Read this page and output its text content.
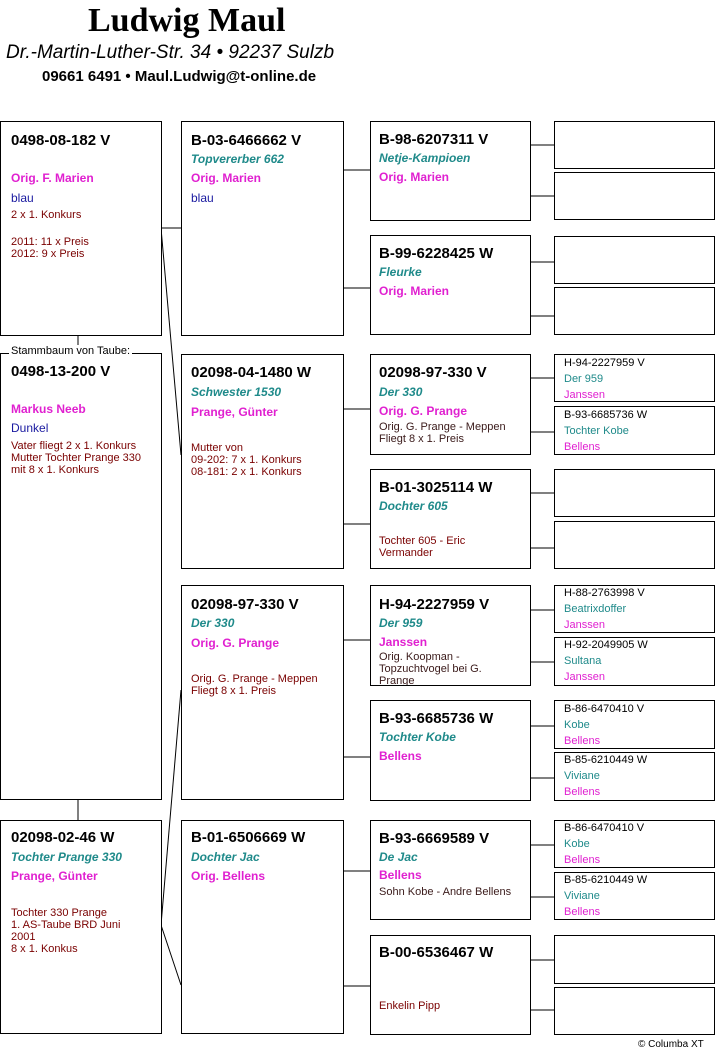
Ludwig Maul
Dr.-Martin-Luther-Str. 34 • 92237 Sulzb
09661 6491 • Maul.Ludwig@t-online.de
0498-08-182 V
Orig. F. Marien
blau
2 x 1. Konkurs
2011: 11 x Preis
2012: 9 x Preis
0498-13-200 V
Markus Neeb
Dunkel
Vater fliegt 2 x 1. Konkurs
Mutter Tochter Prange 330
mit 8 x 1. Konkurs
Stammbaum von Taube:
02098-02-46 W
Tochter Prange 330
Prange, Günter
Tochter 330 Prange
1. AS-Taube BRD Juni
2001
8 x 1. Konkus
B-03-6466662 V
Topvererber 662
Orig. Marien
blau
02098-04-1480 W
Schwester 1530
Prange, Günter
Mutter von
09-202: 7 x 1. Konkurs
08-181: 2 x 1. Konkurs
02098-97-330 V
Der 330
Orig. G. Prange
Orig. G. Prange - Meppen
Fliegt 8 x 1. Preis
B-01-6506669 W
Dochter Jac
Orig. Bellens
B-98-6207311 V
Netje-Kampioen
Orig. Marien
B-99-6228425 W
Fleurke
Orig. Marien
02098-97-330 V
Der 330
Orig. G. Prange
Orig. G. Prange - Meppen
Fliegt 8 x 1. Preis
B-01-3025114 W
Dochter 605
Tochter 605 - Eric
Vermander
H-94-2227959 V
Der 959
Janssen
Orig. Koopman -
Topzuchtvogel bei G.
Prange
B-93-6685736 W
Tochter Kobe
Bellens
B-93-6669589 V
De Jac
Bellens
Sohn Kobe - Andre Bellens
B-00-6536467 W
Enkelin Pipp
H-94-2227959 V
Der 959
Janssen
B-93-6685736 W
Tochter Kobe
Bellens
H-88-2763998 V
Beatrixdoffer
Janssen
H-92-2049905 W
Sultana
Janssen
B-86-6470410 V
Kobe
Bellens
B-85-6210449 W
Viviane
Bellens
B-86-6470410 V
Kobe
Bellens
B-85-6210449 W
Viviane
Bellens
© Columba XT
